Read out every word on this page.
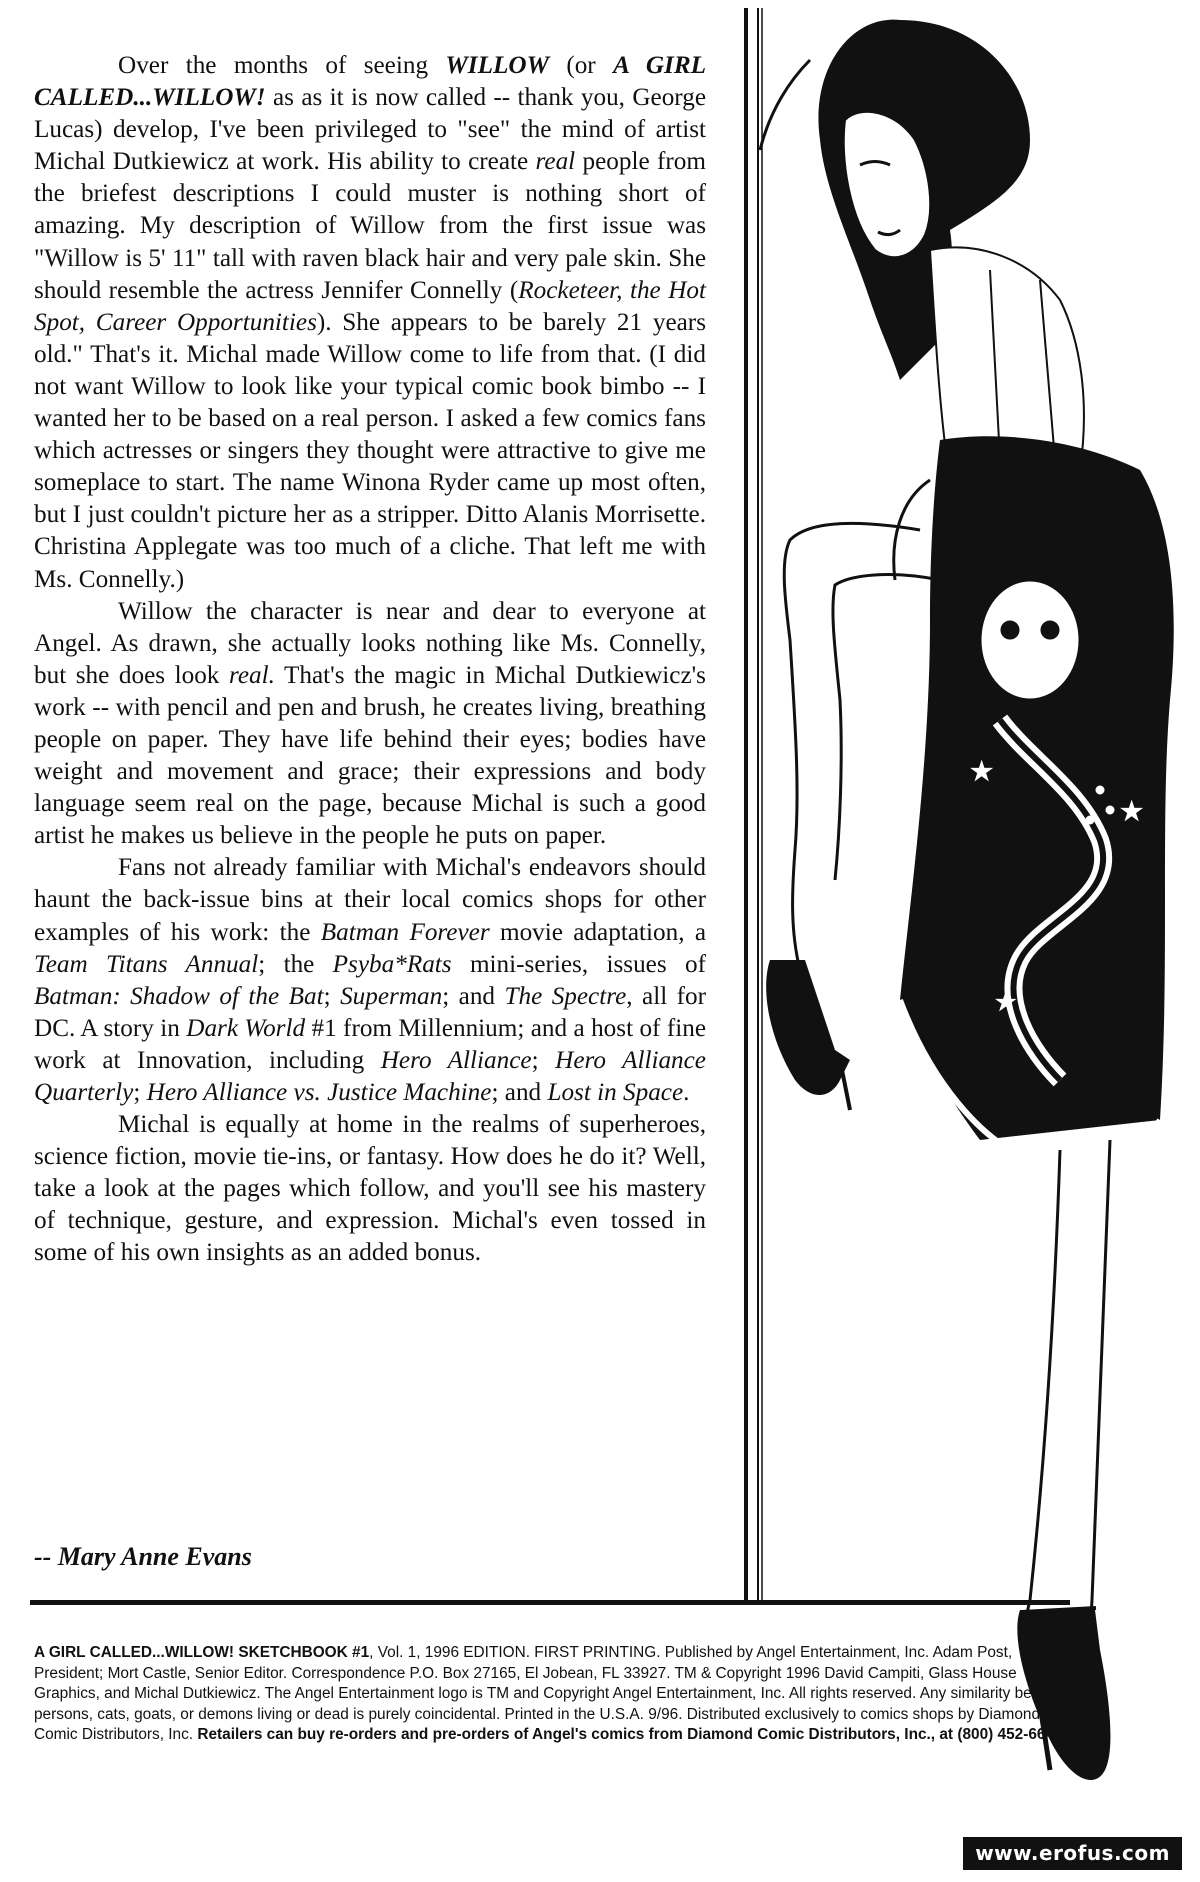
Over the months of seeing WILLOW (or A GIRL CALLED...WILLOW! as as it is now called -- thank you, George Lucas) develop, I've been privileged to "see" the mind of artist Michal Dutkiewicz at work. His ability to create real people from the briefest descriptions I could muster is nothing short of amazing. My description of Willow from the first issue was "Willow is 5' 11" tall with raven black hair and very pale skin. She should resemble the actress Jennifer Connelly (Rocketeer, the Hot Spot, Career Opportunities). She appears to be barely 21 years old." That's it. Michal made Willow come to life from that. (I did not want Willow to look like your typical comic book bimbo -- I wanted her to be based on a real person. I asked a few comics fans which actresses or singers they thought were attractive to give me someplace to start. The name Winona Ryder came up most often, but I just couldn't picture her as a stripper. Ditto Alanis Morrisette. Christina Applegate was too much of a cliche. That left me with Ms. Connelly.)

Willow the character is near and dear to everyone at Angel. As drawn, she actually looks nothing like Ms. Connelly, but she does look real. That's the magic in Michal Dutkiewicz's work -- with pencil and pen and brush, he creates living, breathing people on paper. They have life behind their eyes; bodies have weight and movement and grace; their expressions and body language seem real on the page, because Michal is such a good artist he makes us believe in the people he puts on paper.

Fans not already familiar with Michal's endeavors should haunt the back-issue bins at their local comics shops for other examples of his work: the Batman Forever movie adaptation, a Team Titans Annual; the Psyba*Rats mini-series, issues of Batman: Shadow of the Bat; Superman; and The Spectre, all for DC. A story in Dark World #1 from Millennium; and a host of fine work at Innovation, including Hero Alliance; Hero Alliance Quarterly; Hero Alliance vs. Justice Machine; and Lost in Space.

Michal is equally at home in the realms of superheroes, science fiction, movie tie-ins, or fantasy. How does he do it? Well, take a look at the pages which follow, and you'll see his mastery of technique, gesture, and expression. Michal's even tossed in some of his own insights as an added bonus.

-- Mary Anne Evans
★
★
★
A GIRL CALLED...WILLOW! SKETCHBOOK #1, Vol. 1, 1996 EDITION. FIRST PRINTING. Published by Angel Entertainment, Inc. Adam Post, President; Mort Castle, Senior Editor. Correspondence P.O. Box 27165, El Jobean, FL 33927. TM & Copyright 1996 David Campiti, Glass House Graphics, and Michal Dutkiewicz. The Angel Entertainment logo is TM and Copyright Angel Entertainment, Inc. All rights reserved. Any similarity between persons, cats, goats, or demons living or dead is purely coincidental. Printed in the U.S.A. 9/96. Distributed exclusively to comics shops by Diamond Comic Distributors, Inc. Retailers can buy re-orders and pre-orders of Angel's comics from Diamond Comic Distributors, Inc., at (800) 452-6642.
www.erofus.com
